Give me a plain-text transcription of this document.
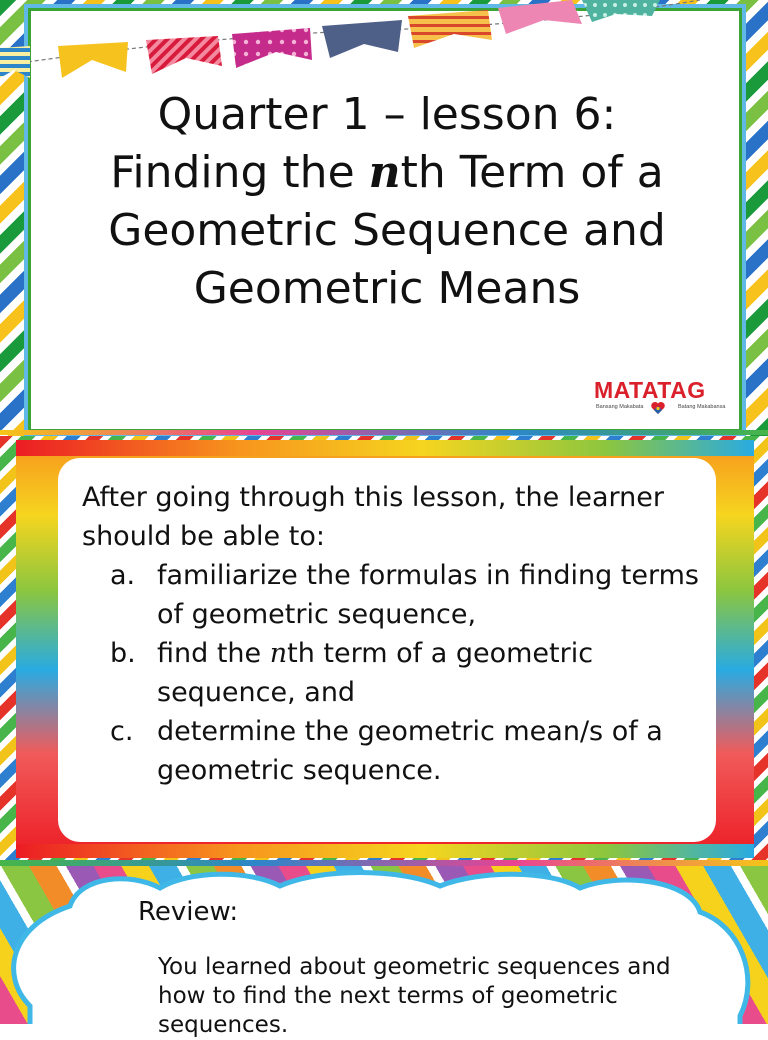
Quarter 1 – lesson 6:
Finding the nth Term of a
Geometric Sequence and
Geometric Means
MATATAG
Bansang Makabata	Batang Makabansa

After going through this lesson, the learner should be able to:

a. familiarize the formulas in finding terms of geometric sequence,
b. find the nth term of a geometric sequence, and
c. determine the geometric mean/s of a geometric sequence.
Review:

You learned about geometric sequences and how to find the next terms of geometric sequences.
